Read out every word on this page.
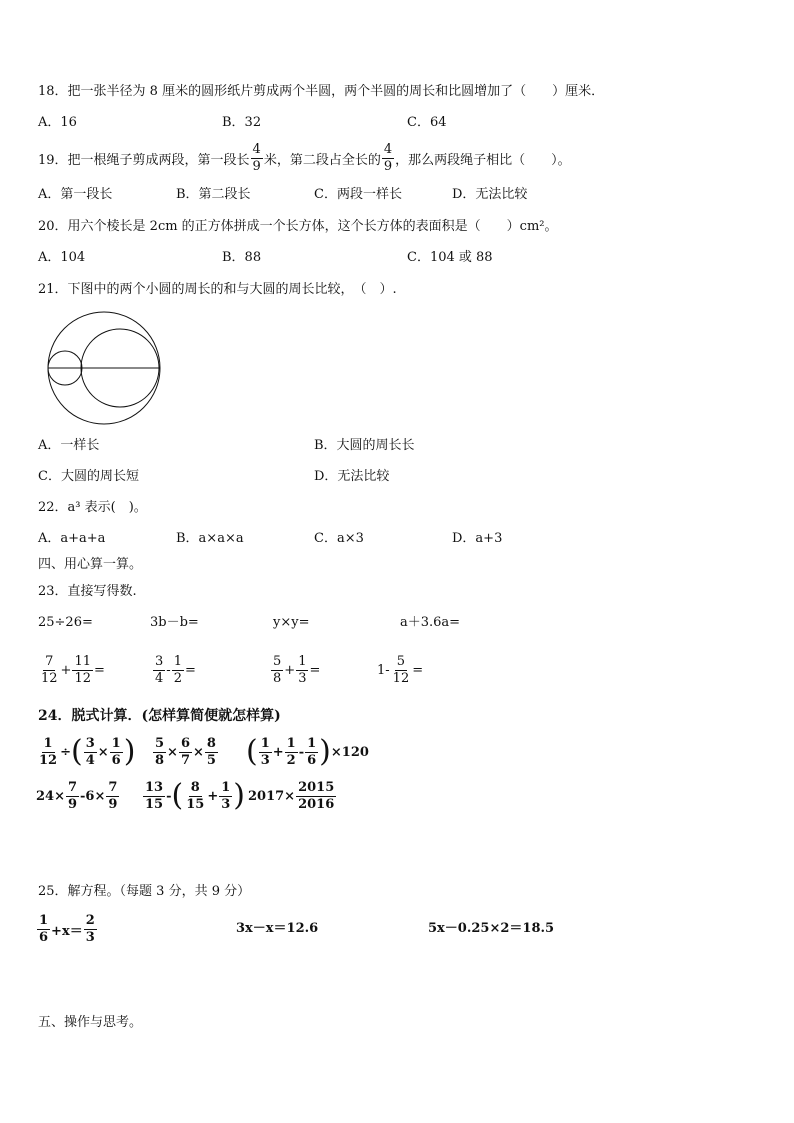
18．把一张半径为 8 厘米的圆形纸片剪成两个半圆，两个半圆的周长和比圆增加了（　　）厘米．
A．16	B．32	C．64
19．把一根绳子剪成两段，第一段长 $\frac{4}{9}$ 米，第二段占全长的 $\frac{4}{9}$ ，那么两段绳子相比（　　）。
A．第一段长	B．第二段长	C．两段一样长	D．无法比较
20．用六个棱长是 2cm 的正方体拼成一个长方体，这个长方体的表面积是（　　）cm²。
A．104	B．88	C．104 或 88
21．下图中的两个小圆的周长的和与大圆的周长比较，　（　）.
A．一样长	B．大圆的周长长
C．大圆的周长短	D．无法比较
22．a³ 表示(　)。
A．a+a+a	B．a×a×a	C．a×3	D．a+3
四、用心算一算。
23．直接写得数.
25÷26=	3b－b=	y×y=	a＋3.6a=
$\frac{7}{12} + \frac{11}{12}$ =	$\frac{3}{4} - \frac{1}{2}$ =	$\frac{5}{8} + \frac{1}{3}$ =	$1- \frac{5}{12}$ =
24．脱式计算．(怎样算简便就怎样算)
$\frac{1}{12}$ ÷ ( $\frac{3}{4} \times \frac{1}{6}$ ) $\frac{5}{8} \times \frac{6}{7} \times \frac{8}{5}$ ( $\frac{1}{3} + \frac{1}{2} - \frac{1}{6}$ ) ×120
$24\times \frac{7}{9} -6\times \frac{7}{9} \frac{13}{15}$ - ( $\frac{8}{15} + \frac{1}{3}$ ) $2017\times \frac{2015}{2016}$
25．解方程。（每题 3 分，共 9 分）
$\frac{1}{6} +x= \frac{2}{3}$	3x－x＝12.6	5x－0.25×2＝18.5
五、操作与思考。
